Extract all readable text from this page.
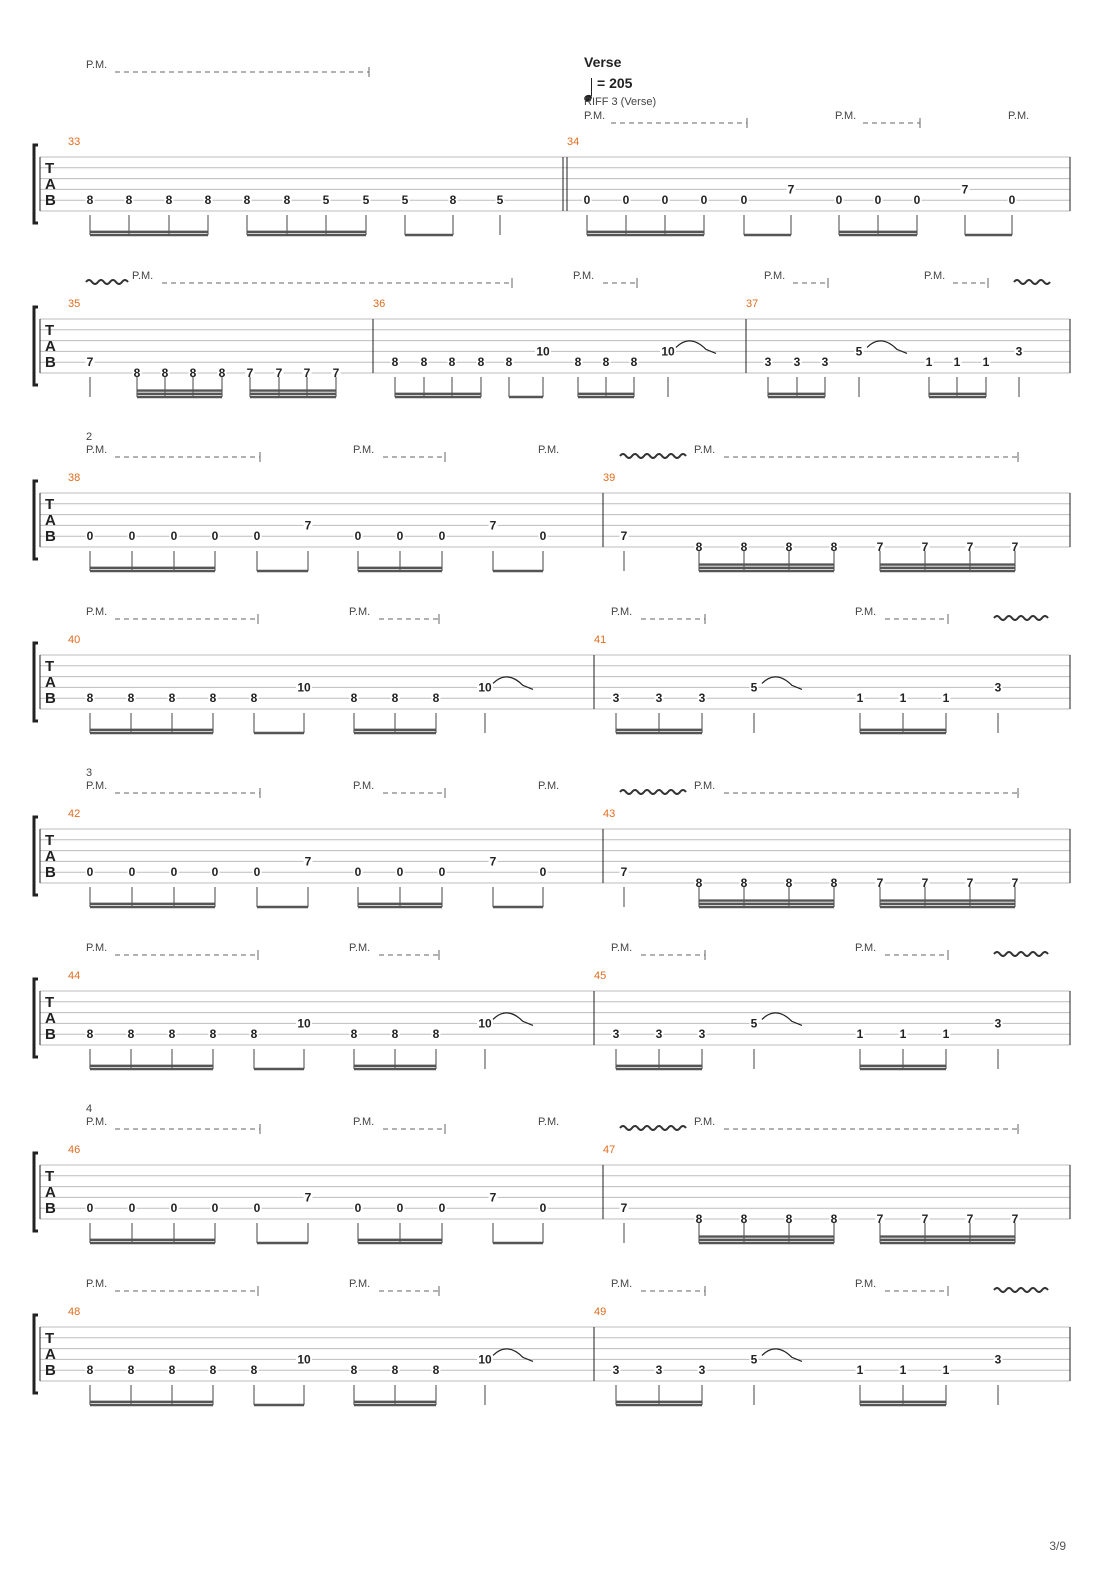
T
A
B
P.M.
P.M.	P.M.	P.M.
33
8	8	8	8	8	8	5	5	5	8	5
34
0	0	0	0	0
7
0	0	0
7
0
T
A
B
P.M.	P.M.	P.M.	P.M.
35
7
8 8 8 8 7 7 7 7
36
8 8 8 8 8
10
8 8 8
10
37
3 3 3
5
1 1 1
3
T
A
B
2
P.M.	P.M.	P.M.	P.M.
38
0	0	0	0	0
7
0	0	0
7
0
39
7
8	8	8	8	7	7	7	7
T
A
B
P.M.	P.M.	P.M.	P.M.
40
8	8	8	8	8
10
8	8	8
10
41
3	3	3
5
1	1	1
3
T
A
B
3
P.M.	P.M.	P.M.	P.M.
42
0	0	0	0	0
7
0	0	0
7
0
43
7
8	8	8	8	7	7	7	7
T
A
B
P.M.	P.M.	P.M.	P.M.
44
8	8	8	8	8
10
8	8	8
10
45
3	3	3
5
1	1	1
3
T
A
B
4
P.M.	P.M.	P.M.	P.M.
46
0	0	0	0	0
7
0	0	0
7
0
47
7
8	8	8	8	7	7	7	7
T
A
B
P.M.	P.M.	P.M.	P.M.
48
8	8	8	8	8
10
8	8	8
10
49
3	3	3
5
1	1	1
3
Verse
= 205
RIFF 3 (Verse)
3/9
